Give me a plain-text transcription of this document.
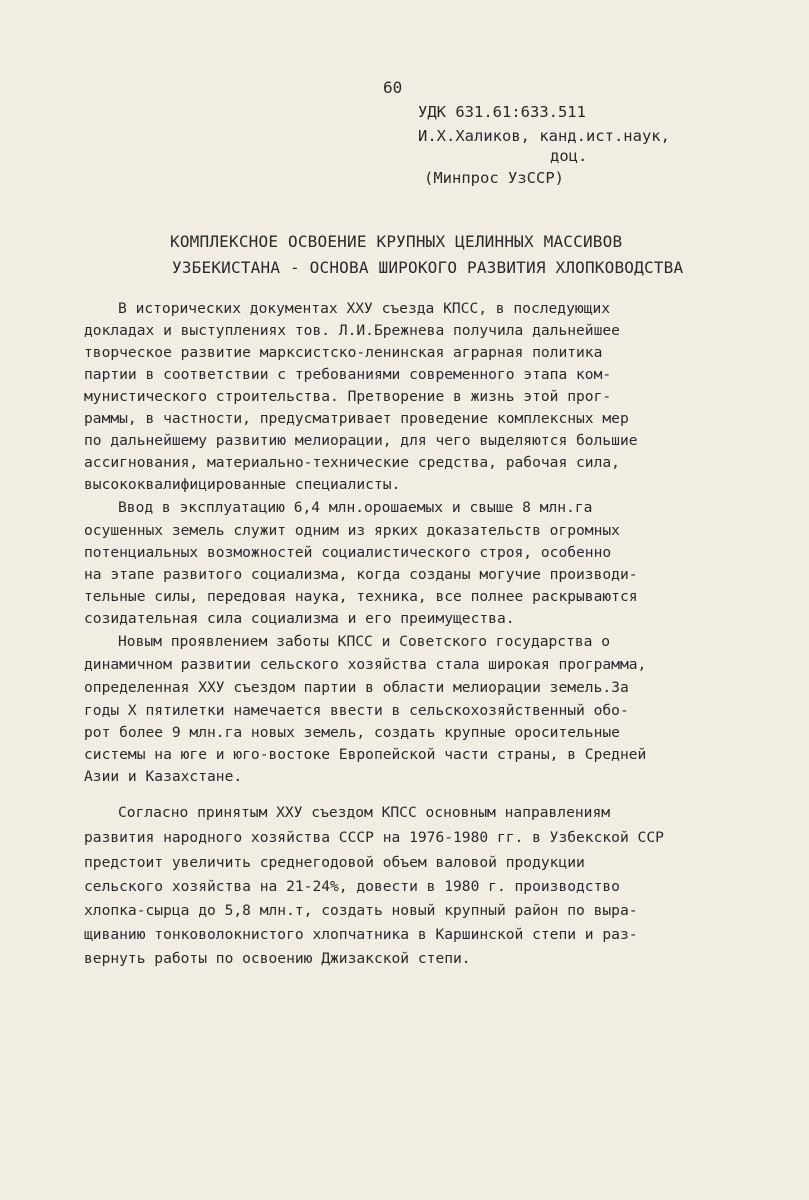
60
УДК 631.61:633.511
И.Х.Халиков, канд.ист.наук,
доц.
(Минпрос УзССР)
КОМПЛЕКСНОЕ ОСВОЕНИЕ КРУПНЫХ ЦЕЛИННЫХ МАССИВОВ
УЗБЕКИСТАНА - ОСНОВА ШИРОКОГО РАЗВИТИЯ ХЛОПКОВОДСТВА
В исторических документах ХХУ съезда КПСС, в последующих
докладах и выступлениях тов. Л.И.Брежнева получила дальнейшее
творческое развитие марксистско-ленинская аграрная политика
партии в соответствии с требованиями современного этапа ком-
мунистического строительства. Претворение в жизнь этой прог-
раммы, в частности, предусматривает проведение комплексных мер
по дальнейшему развитию мелиорации, для чего выделяются большие
ассигнования, материально-технические средства, рабочая сила,
высококвалифицированные специалисты.
Ввод в эксплуатацию 6,4 млн.орошаемых и свыше 8 млн.га
осушенных земель служит одним из ярких доказательств огромных
потенциальных возможностей социалистического строя, особенно
на этапе развитого социализма, когда созданы могучие производи-
тельные силы, передовая наука, техника, все полнее раскрываются
созидательная сила социализма и его преимущества.
Новым проявлением заботы КПСС и Советского государства о
динамичном развитии сельского хозяйства стала широкая программа,
определенная ХХУ съездом партии в области мелиорации земель.За
годы Х пятилетки намечается ввести в сельскохозяйственный обо-
рот более 9 млн.га новых земель, создать крупные оросительные
системы на юге и юго-востоке Европейской части страны, в Средней
Азии и Казахстане.
Согласно принятым ХХУ съездом КПСС основным направлениям
развития народного хозяйства СССР на 1976-1980 гг. в Узбекской ССР
предстоит увеличить среднегодовой объем валовой продукции
сельского хозяйства на 21-24%, довести в 1980 г. производство
хлопка-сырца до 5,8 млн.т, создать новый крупный район по выра-
щиванию тонковолокнистого хлопчатника в Каршинской степи и раз-
вернуть работы по освоению Джизакской степи.
